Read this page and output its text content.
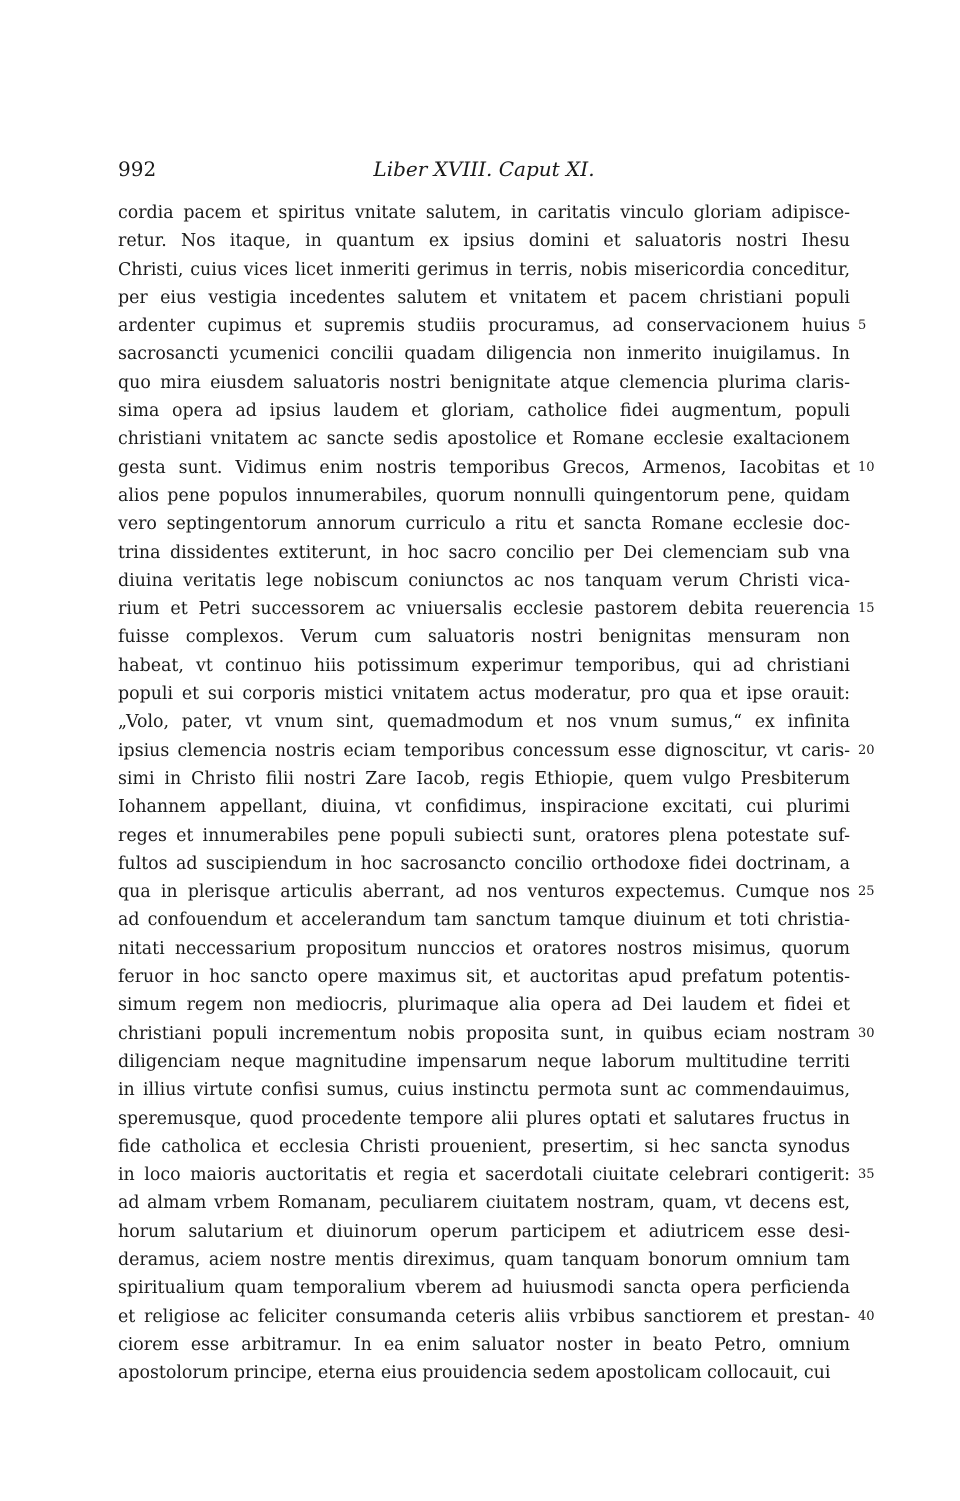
992	Liber XVIII. Caput XI.
cordia pacem et spiritus vnitate salutem, in caritatis vinculo gloriam adipisce-
retur. Nos itaque, in quantum ex ipsius domini et saluatoris nostri Ihesu
Christi, cuius vices licet inmeriti gerimus in terris, nobis misericordia conceditur,
per eius vestigia incedentes salutem et vnitatem et pacem christiani populi
ardenter cupimus et supremis studiis procuramus, ad conservacionem huius
sacrosancti ycumenici concilii quadam diligencia non inmerito inuigilamus. In
quo mira eiusdem saluatoris nostri benignitate atque clemencia plurima claris-
sima opera ad ipsius laudem et gloriam, catholice fidei augmentum, populi
christiani vnitatem ac sancte sedis apostolice et Romane ecclesie exaltacionem
gesta sunt. Vidimus enim nostris temporibus Grecos, Armenos, Iacobitas et
alios pene populos innumerabiles, quorum nonnulli quingentorum pene, quidam
vero septingentorum annorum curriculo a ritu et sancta Romane ecclesie doc-
trina dissidentes extiterunt, in hoc sacro concilio per Dei clemenciam sub vna
diuina veritatis lege nobiscum coniunctos ac nos tanquam verum Christi vica-
rium et Petri successorem ac vniuersalis ecclesie pastorem debita reuerencia
fuisse complexos. Verum cum saluatoris nostri benignitas mensuram non
habeat, vt continuo hiis potissimum experimur temporibus, qui ad christiani
populi et sui corporis mistici vnitatem actus moderatur, pro qua et ipse orauit:
„Volo, pater, vt vnum sint, quemadmodum et nos vnum sumus,“ ex infinita
ipsius clemencia nostris eciam temporibus concessum esse dignoscitur, vt caris-
simi in Christo filii nostri Zare Iacob, regis Ethiopie, quem vulgo Presbiterum
Iohannem appellant, diuina, vt confidimus, inspiracione excitati, cui plurimi
reges et innumerabiles pene populi subiecti sunt, oratores plena potestate suf-
fultos ad suscipiendum in hoc sacrosancto concilio orthodoxe fidei doctrinam, a
qua in plerisque articulis aberrant, ad nos venturos expectemus. Cumque nos
ad confouendum et accelerandum tam sanctum tamque diuinum et toti christia-
nitati neccessarium propositum nunccios et oratores nostros misimus, quorum
feruor in hoc sancto opere maximus sit, et auctoritas apud prefatum potentis-
simum regem non mediocris, plurimaque alia opera ad Dei laudem et fidei et
christiani populi incrementum nobis proposita sunt, in quibus eciam nostram
diligenciam neque magnitudine impensarum neque laborum multitudine territi
in illius virtute confisi sumus, cuius instinctu permota sunt ac commendauimus,
speremusque, quod procedente tempore alii plures optati et salutares fructus in
fide catholica et ecclesia Christi prouenient, presertim, si hec sancta synodus
in loco maioris auctoritatis et regia et sacerdotali ciuitate celebrari contigerit:
ad almam vrbem Romanam, peculiarem ciuitatem nostram, quam, vt decens est,
horum salutarium et diuinorum operum participem et adiutricem esse desi-
deramus, aciem nostre mentis direximus, quam tanquam bonorum omnium tam
spiritualium quam temporalium vberem ad huiusmodi sancta opera perficienda
et religiose ac feliciter consumanda ceteris aliis vrbibus sanctiorem et prestan-
ciorem esse arbitramur. In ea enim saluator noster in beato Petro, omnium
apostolorum principe, eterna eius prouidencia sedem apostolicam collocauit, cui
5
10
15
20
25
30
35
40
